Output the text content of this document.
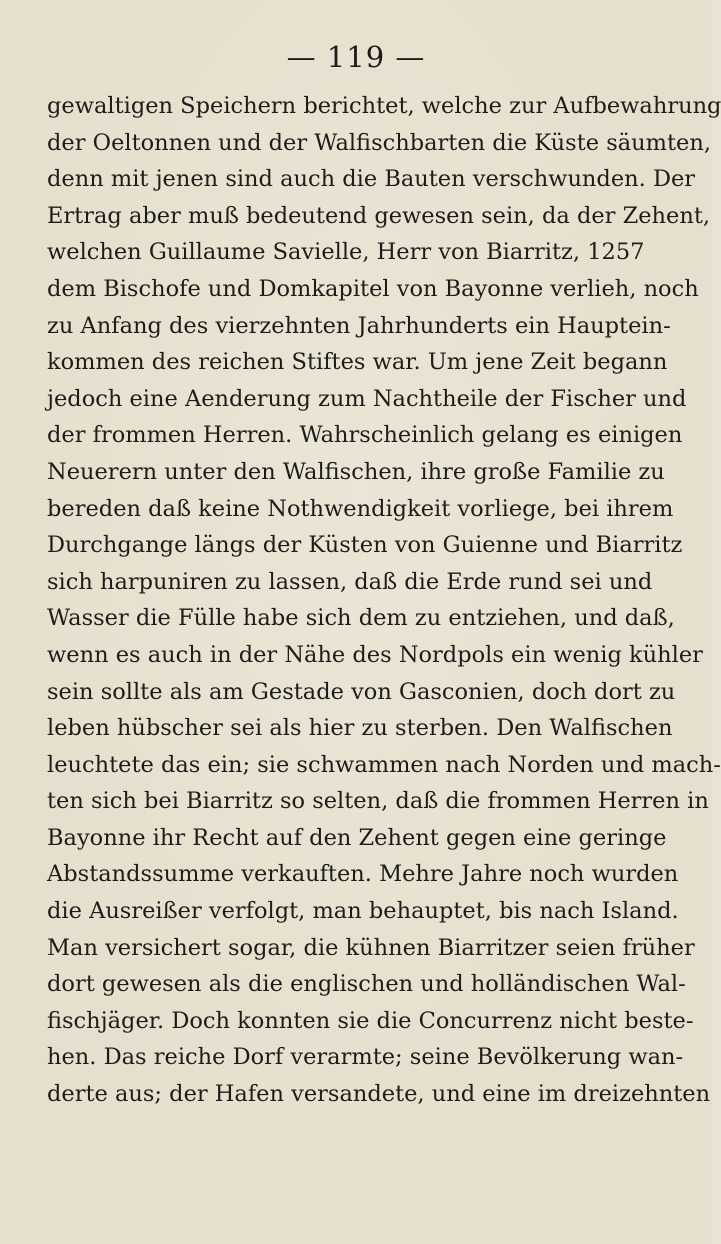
— 119 —
gewaltigen Speichern berichtet, welche zur Aufbewahrung
der Oeltonnen und der Walfischbarten die Küste säumten,
denn mit jenen sind auch die Bauten verschwunden. Der
Ertrag aber muß bedeutend gewesen sein, da der Zehent,
welchen Guillaume Savielle, Herr von Biarritz, 1257
dem Bischofe und Domkapitel von Bayonne verlieh, noch
zu Anfang des vierzehnten Jahrhunderts ein Hauptein-
kommen des reichen Stiftes war. Um jene Zeit begann
jedoch eine Aenderung zum Nachtheile der Fischer und
der frommen Herren. Wahrscheinlich gelang es einigen
Neuerern unter den Walfischen, ihre große Familie zu
bereden daß keine Nothwendigkeit vorliege, bei ihrem
Durchgange längs der Küsten von Guienne und Biarritz
sich harpuniren zu lassen, daß die Erde rund sei und
Wasser die Fülle habe sich dem zu entziehen, und daß,
wenn es auch in der Nähe des Nordpols ein wenig kühler
sein sollte als am Gestade von Gasconien, doch dort zu
leben hübscher sei als hier zu sterben. Den Walfischen
leuchtete das ein; sie schwammen nach Norden und mach-
ten sich bei Biarritz so selten, daß die frommen Herren in
Bayonne ihr Recht auf den Zehent gegen eine geringe
Abstandssumme verkauften. Mehre Jahre noch wurden
die Ausreißer verfolgt, man behauptet, bis nach Island.
Man versichert sogar, die kühnen Biarritzer seien früher
dort gewesen als die englischen und holländischen Wal-
fischjäger. Doch konnten sie die Concurrenz nicht beste-
hen. Das reiche Dorf verarmte; seine Bevölkerung wan-
derte aus; der Hafen versandete, und eine im dreizehnten
